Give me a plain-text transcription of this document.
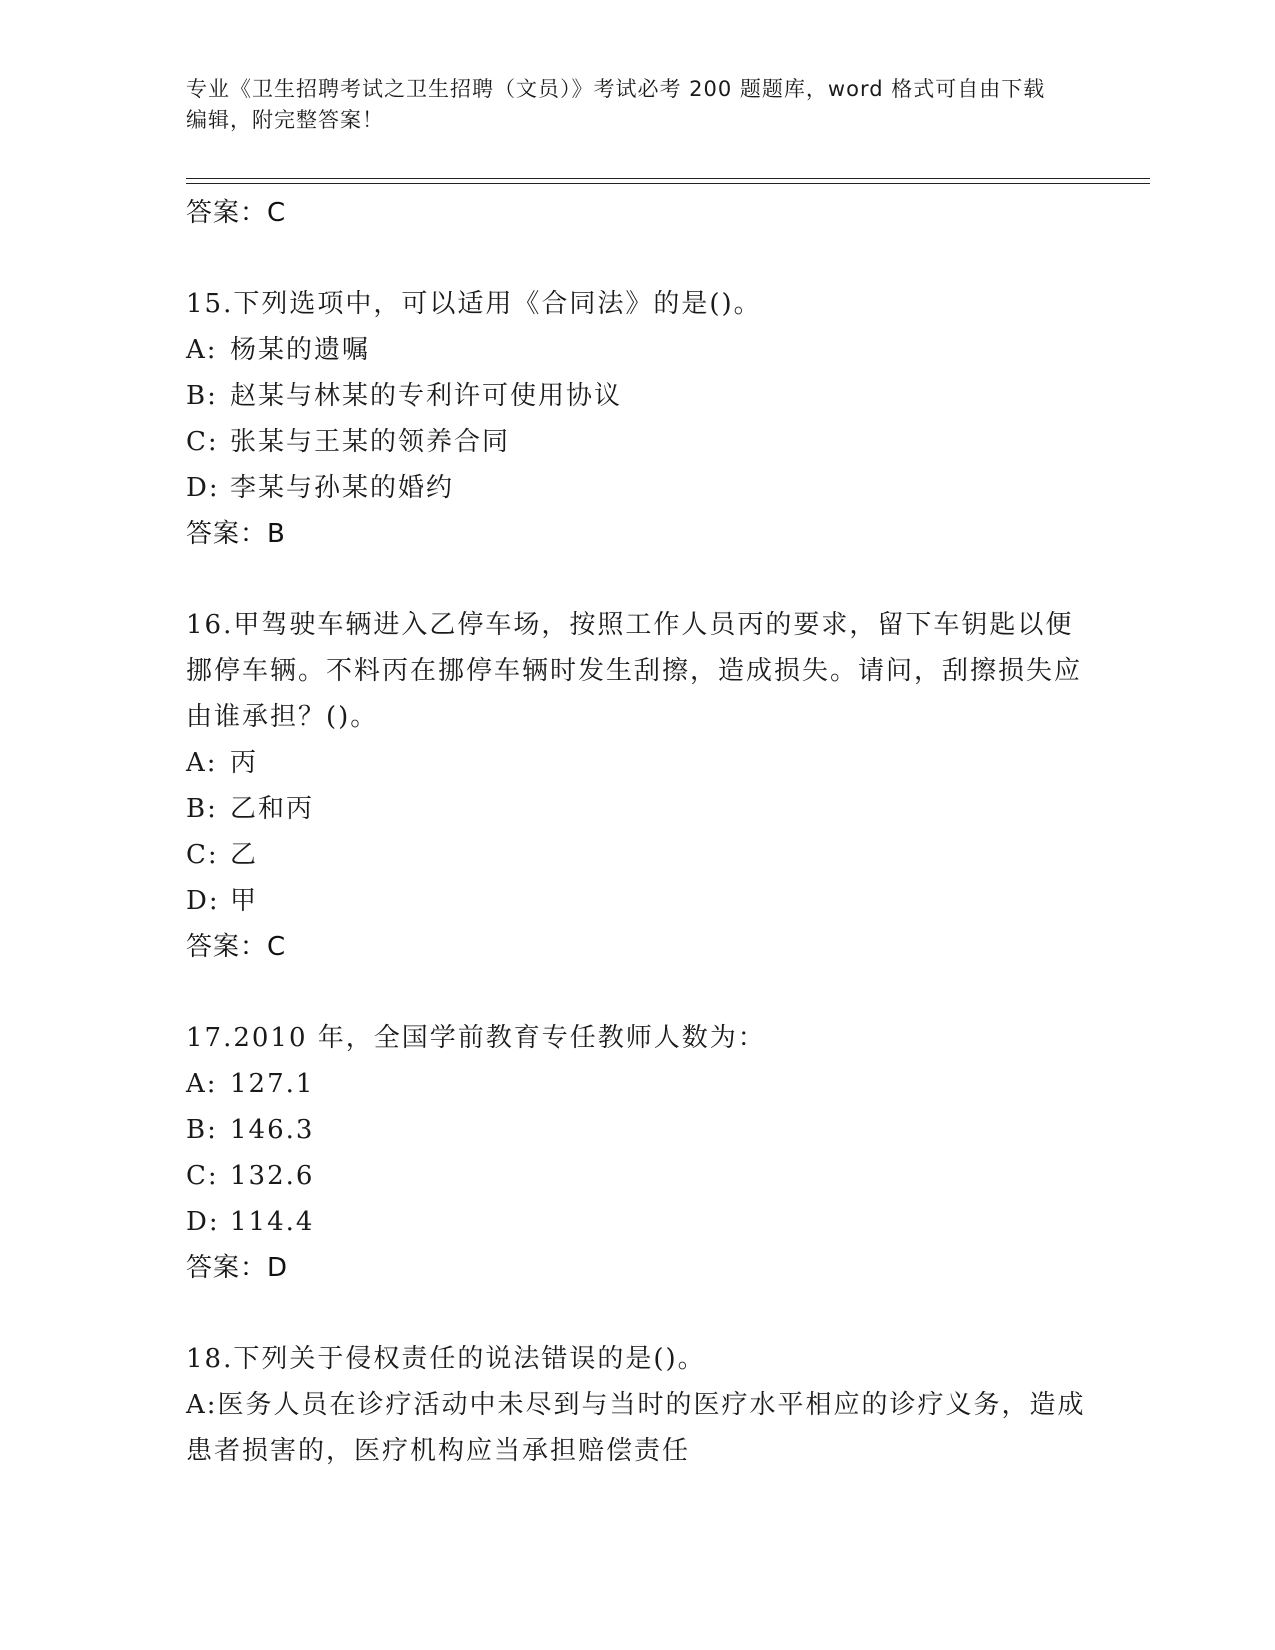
专业《卫生招聘考试之卫生招聘（文员）》考试必考 200 题题库，word 格式可自由下载编辑，附完整答案！
答案：C
15.下列选项中，可以适用《合同法》的是()。
A: 杨某的遗嘱
B: 赵某与林某的专利许可使用协议
C: 张某与王某的领养合同
D: 李某与孙某的婚约
答案：B
16.甲驾驶车辆进入乙停车场，按照工作人员丙的要求，留下车钥匙以便挪停车辆。不料丙在挪停车辆时发生刮擦，造成损失。请问，刮擦损失应由谁承担？()。
A: 丙
B: 乙和丙
C: 乙
D: 甲
答案：C
17.2010 年，全国学前教育专任教师人数为：
A: 127.1
B: 146.3
C: 132.6
D: 114.4
答案：D
18.下列关于侵权责任的说法错误的是()。
A:医务人员在诊疗活动中未尽到与当时的医疗水平相应的诊疗义务，造成患者损害的，医疗机构应当承担赔偿责任
